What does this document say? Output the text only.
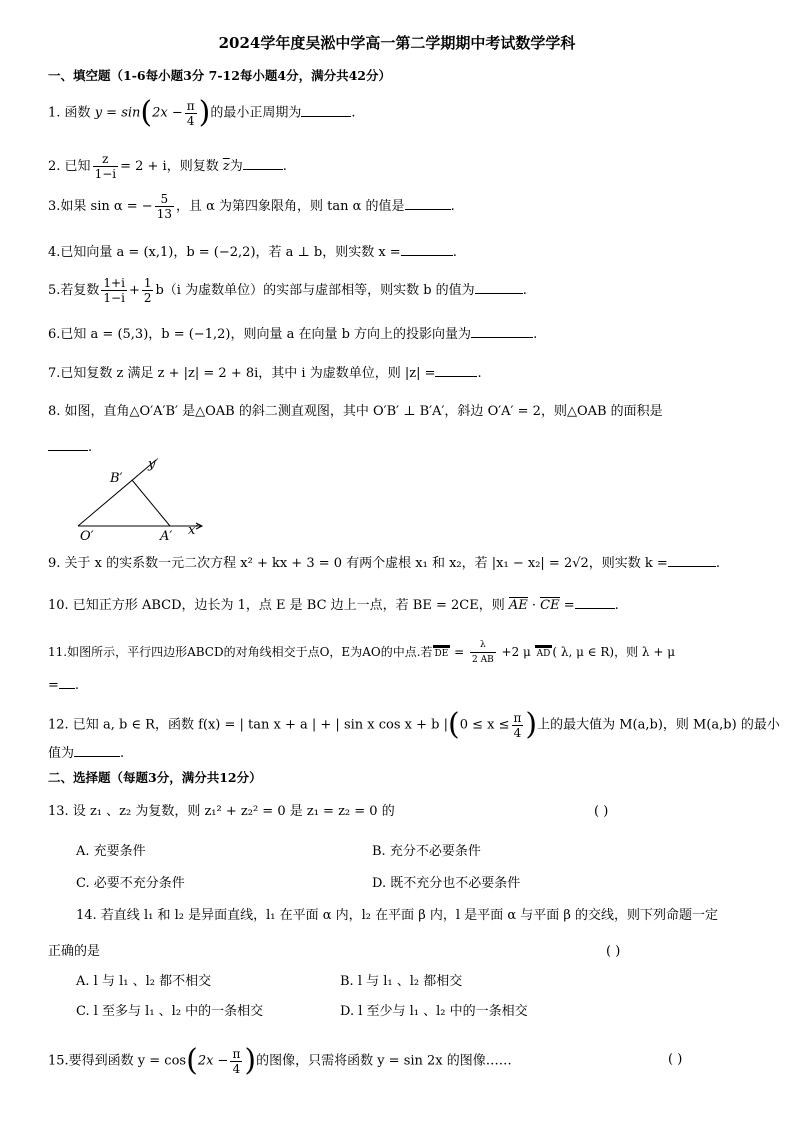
2024学年度吴淞中学高一第二学期期中考试数学学科
一、填空题（1-6每小题3分 7-12每小题4分，满分共42分）
1. 函数 $y = \sin(2x - \frac{\pi}{4}$ )的最小正周期为	.
2. 已知 $\frac{z}{1-i} = 2 + i$，则复数 $\overline{z}$为	.
3.如果 sin α = − $\frac{5}{13}$ ，且 α 为第四象限角，则 tan α 的值是	.
4.已知向量 a = (x,1)，b = (−2,2)，若 a ⊥ b，则实数 x =	.
5.若复数 $\frac{1+i}{1-i} + \frac{1}{2} b(i$ 为虚数单位）的实部与虚部相等，则实数 b 的值为	.
6.已知 a = (5,3)，b = (−1,2)，则向量 a 在向量 b 方向上的投影向量为	.
7.已知复数 z 满足 z + |z| = 2 + 8i，其中 i 为虚数单位，则 |z| =	.
8. 如图，直角△O′A′B′ 是△OAB 的斜二测直观图，其中 O′B′ ⊥ B′A′，斜边 O′A′ = 2，则△OAB 的面积是
.
B′
y′
O′	A′ x′
9. 关于 x 的实系数一元二次方程 x² + kx + 3 = 0 有两个虚根 x₁ 和 x₂，若 |x₁ − x₂| = 2√2，则实数 k =	.
10. 已知正方形 ABCD，边长为 1，点 E 是 BC 边上一点，若 BE = 2CE，则 AE · CE =	.
11.如图所示，平行四边形ABCD的对角线相交于点O，E为AO的中点.若 DE = $\frac{\lambda}{2 AB} +2$ μ AD ( λ, μ ∈ R)，则 λ + μ
= .
12. 已知 a, b ∈ R，函数 f(x) = | tan x + a | + | sin x cos x + b $|(0 \le x \le \frac{\pi}{4}$ )上的最大值为 M(a,b)，则 M(a,b) 的最小
值为	.
二、选择题（每题3分，满分共12分）
13. 设 z₁ 、z₂ 为复数，则 z₁² + z₂² = 0 是 z₁ = z₂ = 0 的	( )
A. 充要条件	B. 充分不必要条件
C. 必要不充分条件	D. 既不充分也不必要条件
14. 若直线 l₁ 和 l₂ 是异面直线，l₁ 在平面 α 内，l₂ 在平面 β 内，l 是平面 α 与平面 β 的交线，则下列命题一定
正确的是	( )
A. l 与 l₁ 、l₂ 都不相交	B. l 与 l₁ 、l₂ 都相交
C. l 至多与 l₁ 、l₂ 中的一条相交	D. l 至少与 l₁ 、l₂ 中的一条相交
15.要得到函数 $y = \cos(2x - \frac{\pi}{4}$ )的图像，只需将函数 y = sin 2x 的图像……	( )
